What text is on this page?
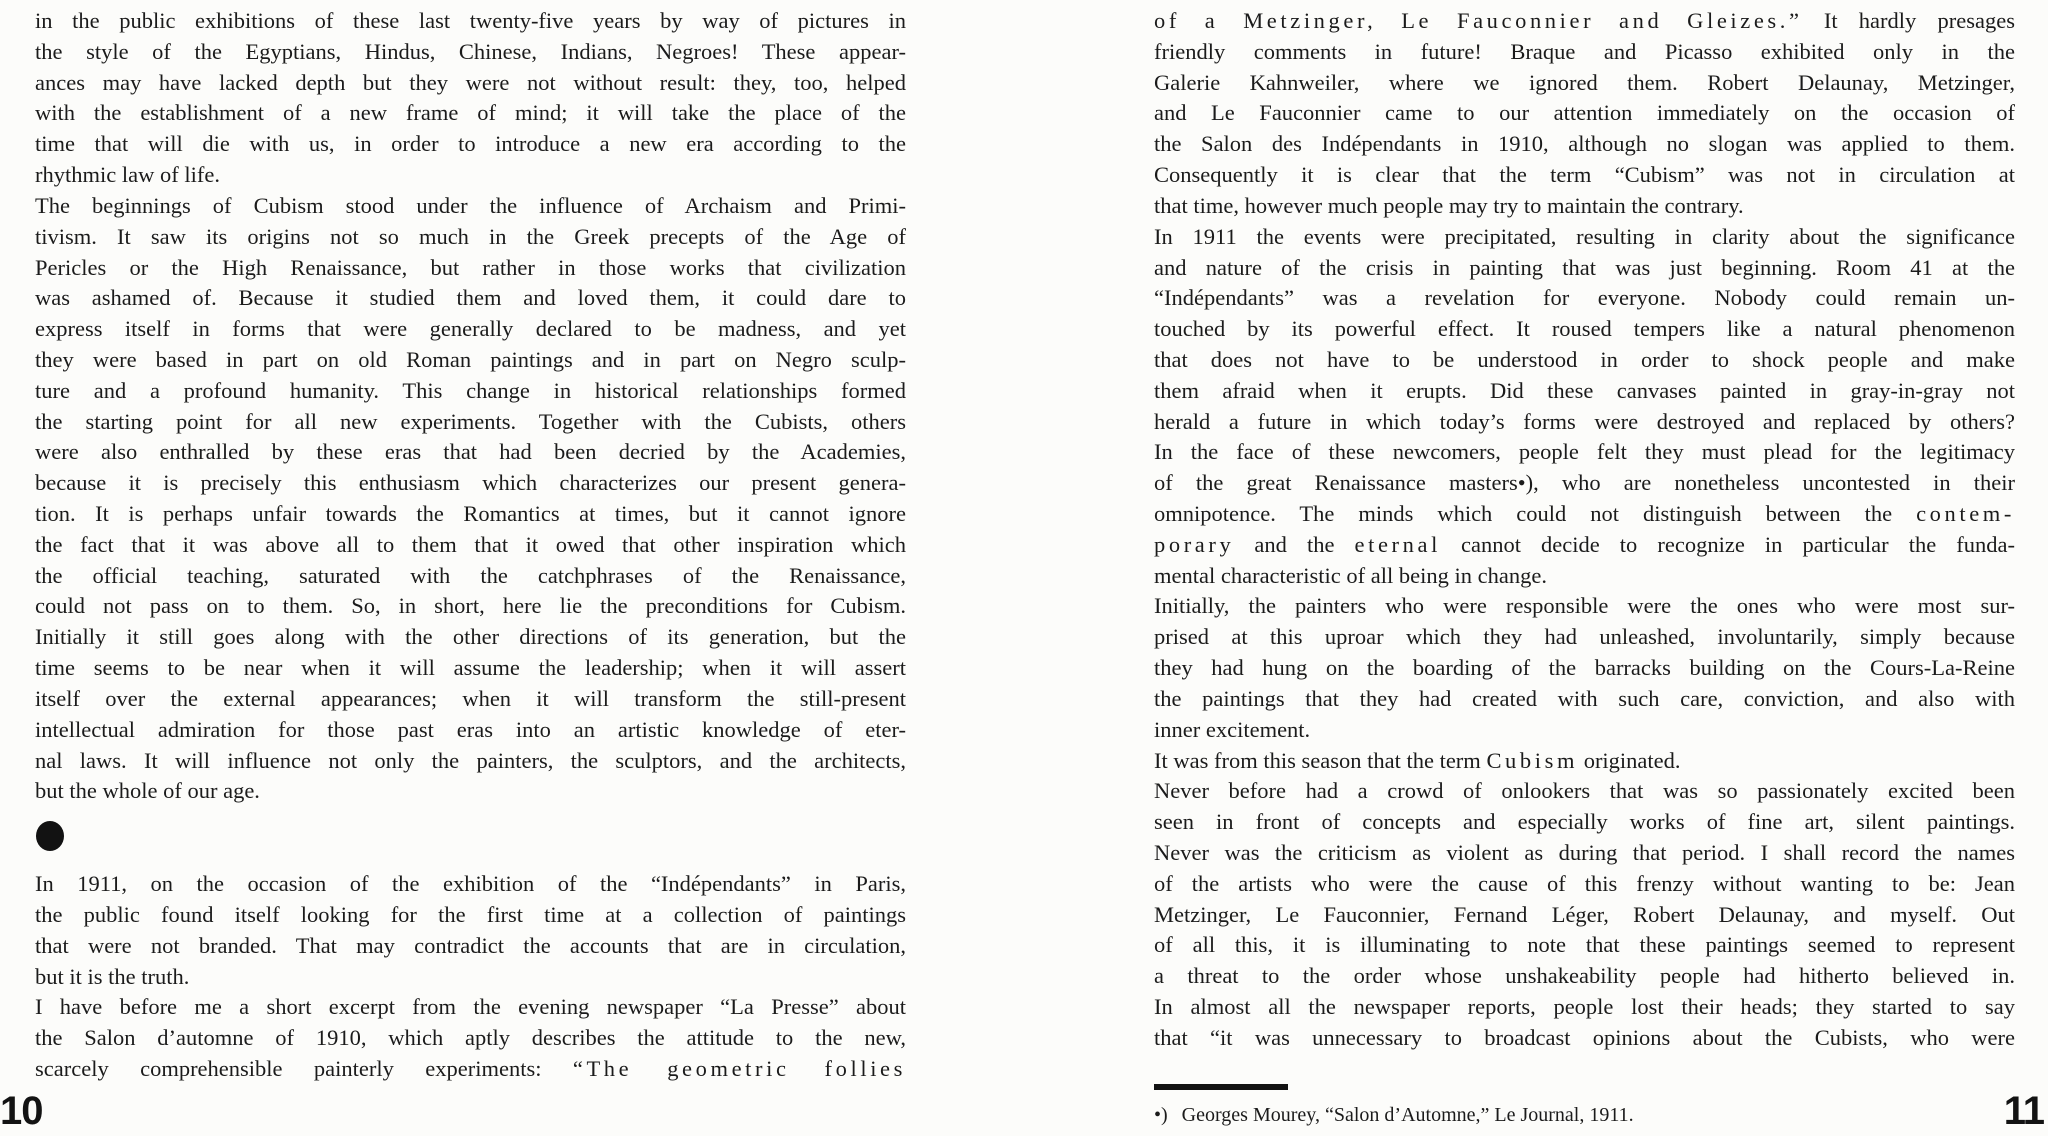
in the public exhibitions of these last twenty-five years by way of pictures in
the style of the Egyptians, Hindus, Chinese, Indians, Negroes! These appear-
ances may have lacked depth but they were not without result: they, too, helped
with the establishment of a new frame of mind; it will take the place of the
time that will die with us, in order to introduce a new era according to the
rhythmic law of life.
The beginnings of Cubism stood under the influence of Archaism and Primi-
tivism. It saw its origins not so much in the Greek precepts of the Age of
Pericles or the High Renaissance, but rather in those works that civilization
was ashamed of. Because it studied them and loved them, it could dare to
express itself in forms that were generally declared to be madness, and yet
they were based in part on old Roman paintings and in part on Negro sculp-
ture and a profound humanity. This change in historical relationships formed
the starting point for all new experiments. Together with the Cubists, others
were also enthralled by these eras that had been decried by the Academies,
because it is precisely this enthusiasm which characterizes our present genera-
tion. It is perhaps unfair towards the Romantics at times, but it cannot ignore
the fact that it was above all to them that it owed that other inspiration which
the official teaching, saturated with the catchphrases of the Renaissance,
could not pass on to them. So, in short, here lie the preconditions for Cubism.
Initially it still goes along with the other directions of its generation, but the
time seems to be near when it will assume the leadership; when it will assert
itself over the external appearances; when it will transform the still-present
intellectual admiration for those past eras into an artistic knowledge of eter-
nal laws. It will influence not only the painters, the sculptors, and the architects,
but the whole of our age.
In 1911, on the occasion of the exhibition of the “Indépendants” in Paris,
the public found itself looking for the first time at a collection of paintings
that were not branded. That may contradict the accounts that are in circulation,
but it is the truth.
I have before me a short excerpt from the evening newspaper “La Presse” about
the Salon d’automne of 1910, which aptly describes the attitude to the new,
scarcely comprehensible painterly experiments: “The geometric follies
of a Metzinger, Le Fauconnier and Gleizes.” It hardly presages
friendly comments in future! Braque and Picasso exhibited only in the
Galerie Kahnweiler, where we ignored them. Robert Delaunay, Metzinger,
and Le Fauconnier came to our attention immediately on the occasion of
the Salon des Indépendants in 1910, although no slogan was applied to them.
Consequently it is clear that the term “Cubism” was not in circulation at
that time, however much people may try to maintain the contrary.
In 1911 the events were precipitated, resulting in clarity about the significance
and nature of the crisis in painting that was just beginning. Room 41 at the
“Indépendants” was a revelation for everyone. Nobody could remain un-
touched by its powerful effect. It roused tempers like a natural phenomenon
that does not have to be understood in order to shock people and make
them afraid when it erupts. Did these canvases painted in gray-in-gray not
herald a future in which today’s forms were destroyed and replaced by others?
In the face of these newcomers, people felt they must plead for the legitimacy
of the great Renaissance masters•), who are nonetheless uncontested in their
omnipotence. The minds which could not distinguish between the contem-
porary and the eternal cannot decide to recognize in particular the funda-
mental characteristic of all being in change.
Initially, the painters who were responsible were the ones who were most sur-
prised at this uproar which they had unleashed, involuntarily, simply because
they had hung on the boarding of the barracks building on the Cours-La-Reine
the paintings that they had created with such care, conviction, and also with
inner excitement.
It was from this season that the term Cubism originated.
Never before had a crowd of onlookers that was so passionately excited been
seen in front of concepts and especially works of fine art, silent paintings.
Never was the criticism as violent as during that period. I shall record the names
of the artists who were the cause of this frenzy without wanting to be: Jean
Metzinger, Le Fauconnier, Fernand Léger, Robert Delaunay, and myself. Out
of all this, it is illuminating to note that these paintings seemed to represent
a threat to the order whose unshakeability people had hitherto believed in.
In almost all the newspaper reports, people lost their heads; they started to say
that “it was unnecessary to broadcast opinions about the Cubists, who were
•) Georges Mourey, “Salon d’Automne,” Le Journal, 1911.
10	11
